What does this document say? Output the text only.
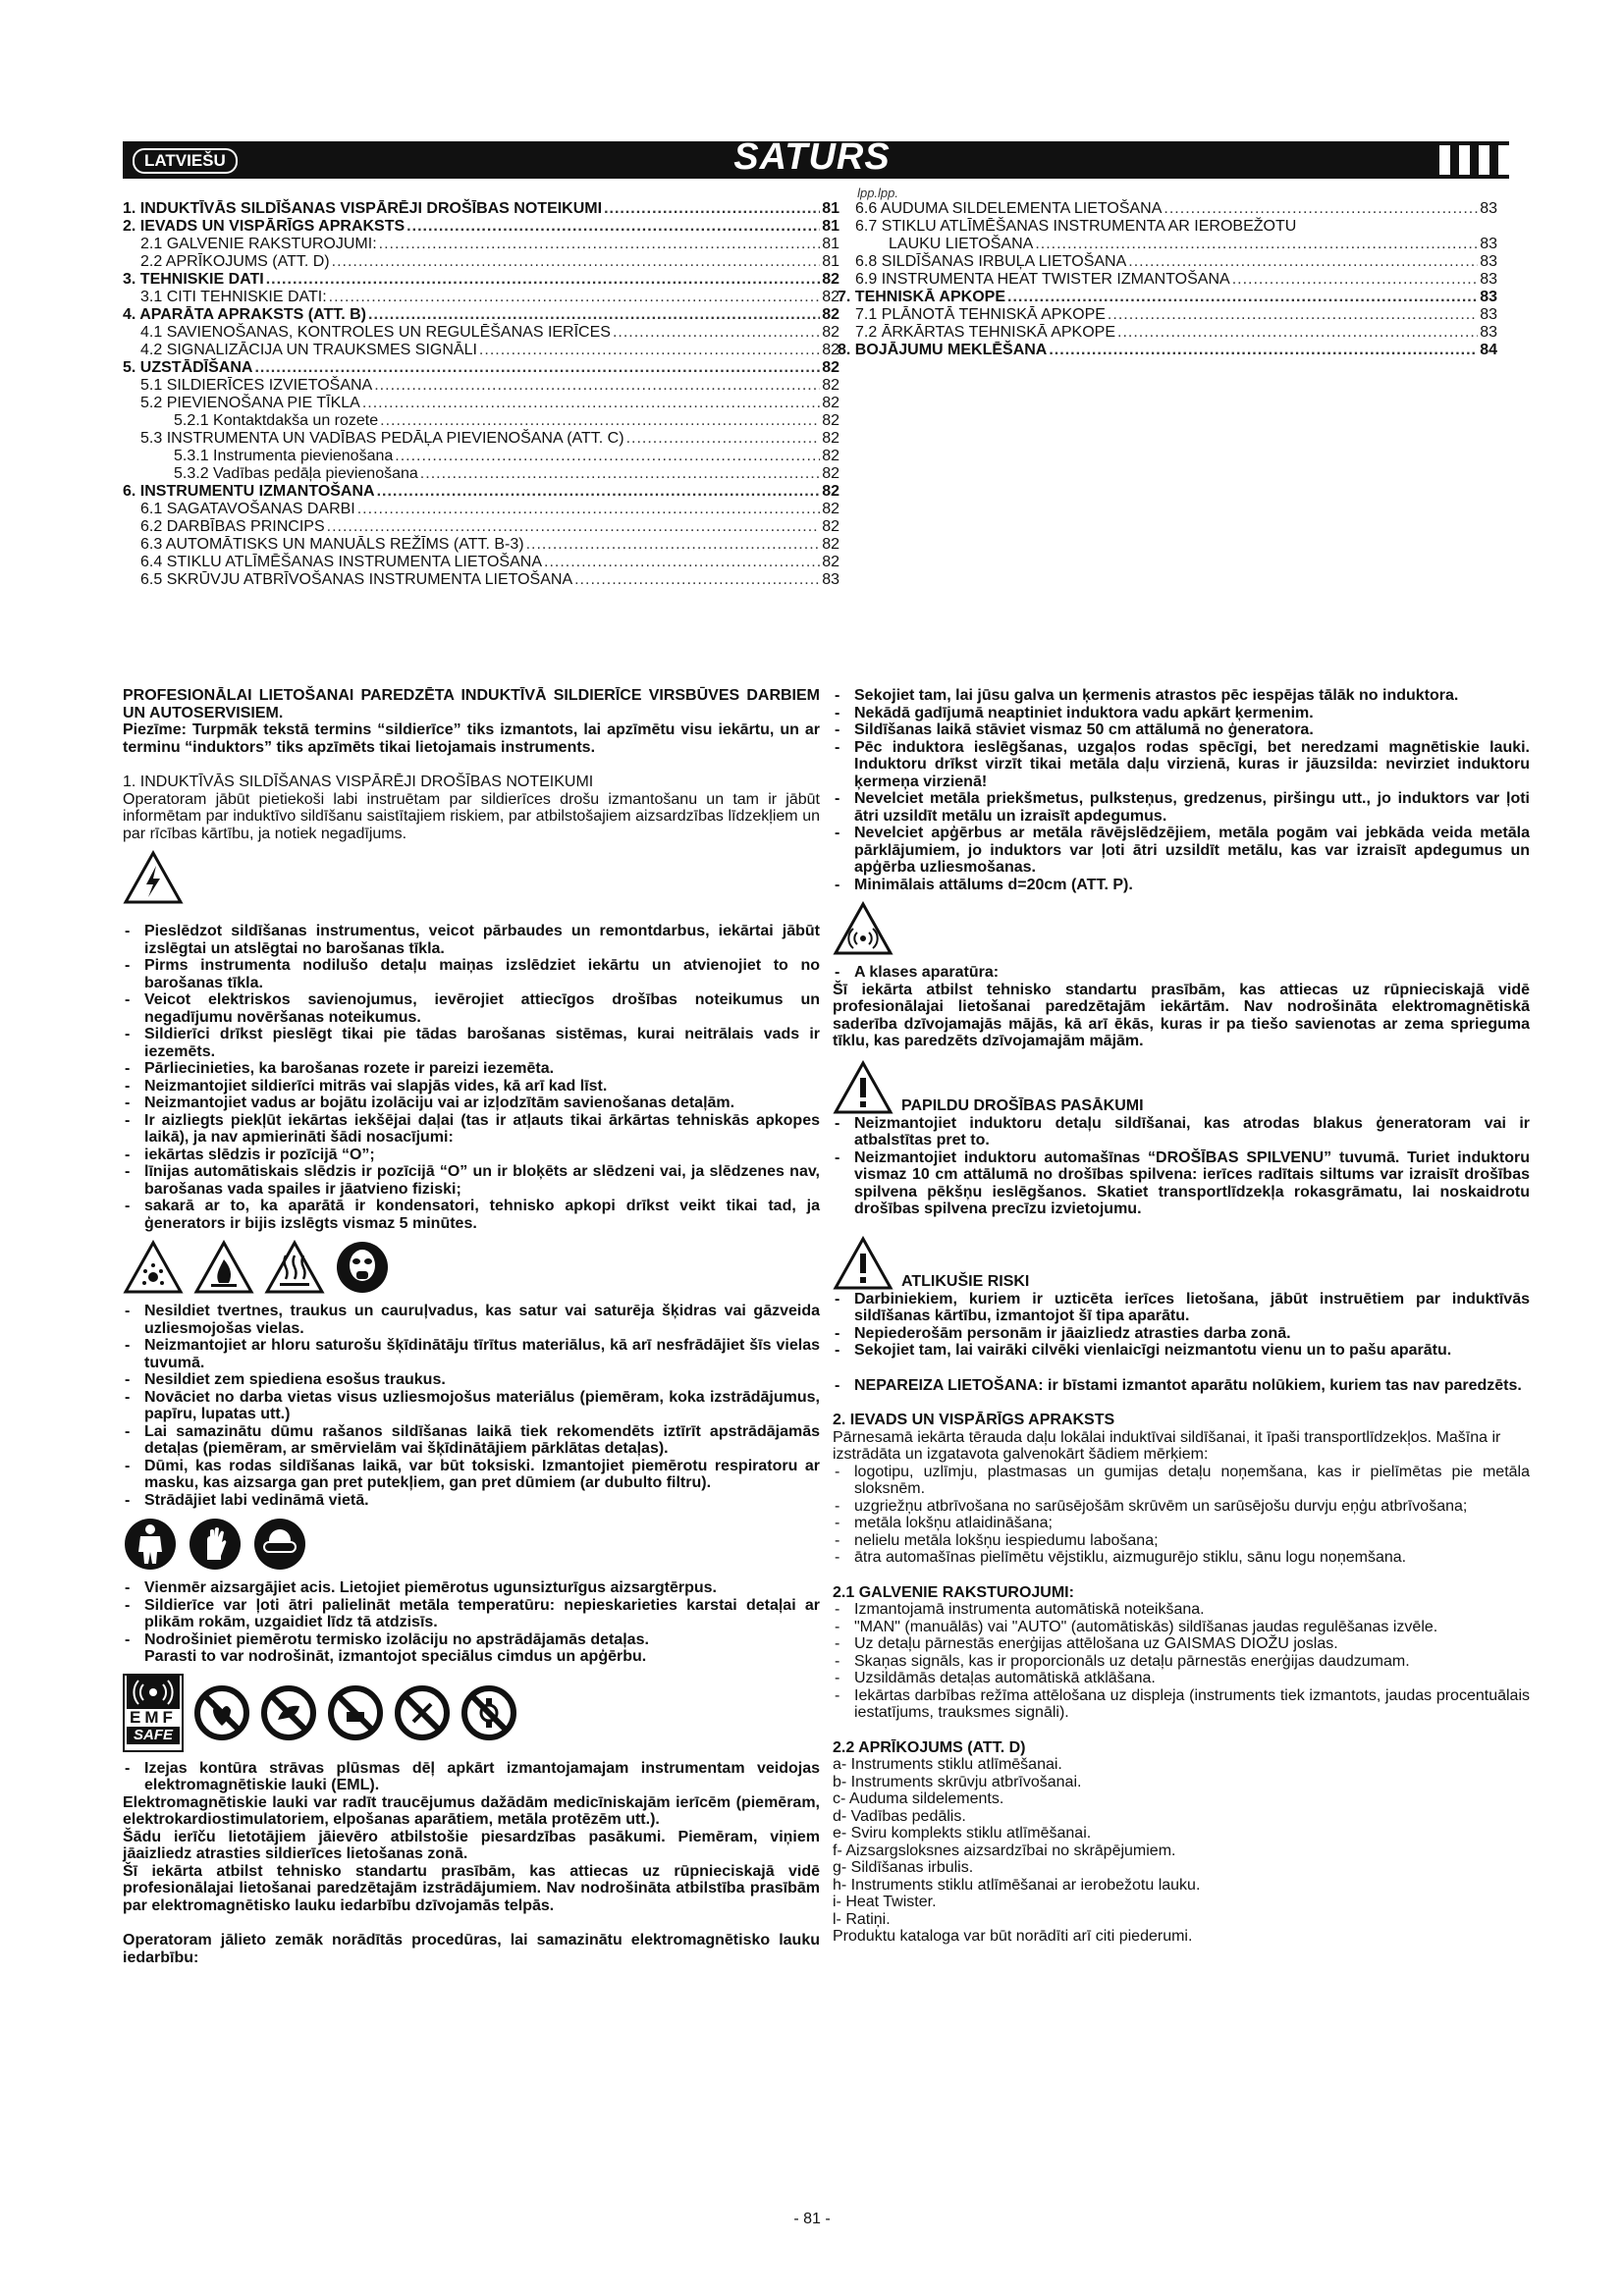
LATVIEŠU	SATURS
lpp.lpp.
1. INDUKTĪVĀS SILDĪŠANAS VISPĀRĒJI DROŠĪBAS NOTEIKUMI .....	81
2. IEVADS UN VISPĀRĪGS APRAKSTS .....	81
2.1 GALVENIE RAKSTUROJUMI: .....	81
2.2 APRĪKOJUMS (ATT. D) .....	81
3. TEHNISKIE DATI .....	82
3.1 CITI TEHNISKIE DATI: .....	82
4. APARĀTA APRAKSTS (ATT. B) .....	82
4.1 SAVIENOŠANAS, KONTROLES UN REGULĒŠANAS IERĪCES .....	82
4.2 SIGNALIZĀCIJA UN TRAUKSMES SIGNĀLI .....	82
5. UZSTĀDĪŠANA .....	82
5.1 SILDIERĪCES IZVIETOŠANA .....	82
5.2 PIEVIENOŠANA PIE TĪKLA .....	82
5.2.1 Kontaktdakša un rozete .....	82
5.3 INSTRUMENTA UN VADĪBAS PEDĀĻA PIEVIENOŠANA (ATT. C) .....	82
5.3.1 Instrumenta pievienošana .....	82
5.3.2 Vadības pedāļa pievienošana .....	82
6. INSTRUMENTU IZMANTOŠANA .....	82
6.1 SAGATAVOŠANAS DARBI .....	82
6.2 DARBĪBAS PRINCIPS .....	82
6.3 AUTOMĀTISKS UN MANUĀLS REŽĪMS (ATT. B-3) .....	82
6.4 STIKLU ATLĪMĒŠANAS INSTRUMENTA LIETOŠANA .....	82
6.5 SKRŪVJU ATBRĪVOŠANAS INSTRUMENTA LIETOŠANA .....	83
6.6 AUDUMA SILDELEMENTA LIETOŠANA .....	83
6.7 STIKLU ATLĪMĒŠANAS INSTRUMENTA AR IEROBEŽOTU
LAUKU LIETOŠANA .....	83
6.8 SILDĪŠANAS IRBUĻA LIETOŠANA .....	83
6.9 INSTRUMENTA HEAT TWISTER IZMANTOŠANA .....	83
7. TEHNISKĀ APKOPE .....	83
7.1 PLĀNOTĀ TEHNISKĀ APKOPE .....	83
7.2 ĀRKĀRTAS TEHNISKĀ APKOPE .....	83
8. BOJĀJUMU MEKLĒŠANA .....	84

PROFESIONĀLAI LIETOŠANAI PAREDZĒTA INDUKTĪVĀ SILDIERĪCE VIRSBŪVES DARBIEM UN AUTOSERVISIEM.

Piezīme: Turpmāk tekstā termins “sildierīce” tiks izmantots, lai apzīmētu visu iekārtu, un ar terminu “induktors” tiks apzīmēts tikai lietojamais instruments.

1. INDUKTĪVĀS SILDĪŠANAS VISPĀRĒJI DROŠĪBAS NOTEIKUMI

Operatoram jābūt pietiekoši labi instruētam par sildierīces drošu izmantošanu un tam ir jābūt informētam par induktīvo sildīšanu saistītajiem riskiem, par atbilstošajiem aizsardzības līdzekļiem un par rīcības kārtību, ja notiek negadījums.

- Pieslēdzot sildīšanas instrumentus, veicot pārbaudes un remontdarbus, iekārtai jābūt izslēgtai un atslēgtai no barošanas tīkla.
- Pirms instrumenta nodilušo detaļu maiņas izslēdziet iekārtu un atvienojiet to no barošanas tīkla.
- Veicot elektriskos savienojumus, ievērojiet attiecīgos drošības noteikumus un negadījumu novēršanas noteikumus.
- Sildierīci drīkst pieslēgt tikai pie tādas barošanas sistēmas, kurai neitrālais vads ir iezemēts.
- Pārliecinieties, ka barošanas rozete ir pareizi iezemēta.
- Neizmantojiet sildierīci mitrās vai slapjās vides, kā arī kad līst.
- Neizmantojiet vadus ar bojātu izolāciju vai ar izļodzītām savienošanas detaļām.
- Ir aizliegts piekļūt iekārtas iekšējai daļai (tas ir atļauts tikai ārkārtas tehniskās apkopes laikā), ja nav apmierināti šādi nosacījumi:
- iekārtas slēdzis ir pozīcijā “O”;
- līnijas automātiskais slēdzis ir pozīcijā “O” un ir bloķēts ar slēdzeni vai, ja slēdzenes nav, barošanas vada spailes ir jāatvieno fiziski;
- sakarā ar to, ka aparātā ir kondensatori, tehnisko apkopi drīkst veikt tikai tad, ja ģenerators ir bijis izslēgts vismaz 5 minūtes.
- Nesildiet tvertnes, traukus un cauruļvadus, kas satur vai saturēja šķidras vai gāzveida uzliesmojošas vielas.
- Neizmantojiet ar hloru saturošu šķīdinātāju tīrītus materiālus, kā arī nesfrādājiet šīs vielas tuvumā.
- Nesildiet zem spiediena esošus traukus.
- Novāciet no darba vietas visus uzliesmojošus materiālus (piemēram, koka izstrādājumus, papīru, lupatas utt.)
- Lai samazinātu dūmu rašanos sildīšanas laikā tiek rekomendēts iztīrīt apstrādājamās detaļas (piemēram, ar smērvielām vai šķīdinātājiem pārklātas detaļas).
- Dūmi, kas rodas sildīšanas laikā, var būt toksiski. Izmantojiet piemērotu respiratoru ar masku, kas aizsarga gan pret putekļiem, gan pret dūmiem (ar dubulto filtru).
- Strādājiet labi vedināmā vietā.
- Vienmēr aizsargājiet acis. Lietojiet piemērotus ugunsizturīgus aizsargtērpus.
- Sildierīce var ļoti ātri palielināt metāla temperatūru: nepieskarieties karstai detaļai ar plikām rokām, uzgaidiet līdz tā atdzisīs.
- Nodrošiniet piemērotu termisko izolāciju no apstrādājamās detaļas.

Parasti to var nodrošināt, izmantojot speciālus cimdus un apģērbu.

EMF
SAFE
- Izejas kontūra strāvas plūsmas dēļ apkārt izmantojamajam instrumentam veidojas elektromagnētiskie lauki (EML).

Elektromagnētiskie lauki var radīt traucējumus dažādām medicīniskajām ierīcēm (piemēram, elektrokardiostimulatoriem, elpošanas aparātiem, metāla protēzēm utt.).

Šādu ierīču lietotājiem jāievēro atbilstošie piesardzības pasākumi. Piemēram, viņiem jāaizliedz atrasties sildierīces lietošanas zonā.

Šī iekārta atbilst tehnisko standartu prasībām, kas attiecas uz rūpnieciskajā vidē profesionālajai lietošanai paredzētajām izstrādājumiem. Nav nodrošināta atbilstība prasībām par elektromagnētisko lauku iedarbību dzīvojamās telpās.

Operatoram jālieto zemāk norādītās procedūras, lai samazinātu elektromagnētisko lauku iedarbību:

- Sekojiet tam, lai jūsu galva un ķermenis atrastos pēc iespējas tālāk no induktora.
- Nekādā gadījumā neaptiniet induktora vadu apkārt ķermenim.
- Sildīšanas laikā stāviet vismaz 50 cm attālumā no ģeneratora.
- Pēc induktora ieslēgšanas, uzgaļos rodas spēcīgi, bet neredzami magnētiskie lauki. Induktoru drīkst virzīt tikai metāla daļu virzienā, kuras ir jāuzsilda: nevirziet induktoru ķermeņa virzienā!
- Nevelciet metāla priekšmetus, pulksteņus, gredzenus, piršingu utt., jo induktors var ļoti ātri uzsildīt metālu un izraisīt apdegumus.
- Nevelciet apģērbus ar metāla rāvējslēdzējiem, metāla pogām vai jebkāda veida metāla pārklājumiem, jo induktors var ļoti ātri uzsildīt metālu, kas var izraisīt apdegumus un apģērba uzliesmošanas.
- Minimālais attālums d=20cm (ATT. P).
- A klases aparatūra:

Šī iekārta atbilst tehnisko standartu prasībām, kas attiecas uz rūpnieciskajā vidē profesionālajai lietošanai paredzētajām iekārtām. Nav nodrošināta elektromagnētiskā saderība dzīvojamajās mājās, kā arī ēkās, kuras ir pa tiešo savienotas ar zema sprieguma tīklu, kas paredzēts dzīvojamajām mājām.

PAPILDU DROŠĪBAS PASĀKUMI
- Neizmantojiet induktoru detaļu sildīšanai, kas atrodas blakus ģeneratoram vai ir atbalstītas pret to.
- Neizmantojiet induktoru automašīnas “DROŠĪBAS SPILVENU” tuvumā. Turiet induktoru vismaz 10 cm attālumā no drošības spilvena: ierīces radītais siltums var izraisīt drošības spilvena pēkšņu ieslēgšanos. Skatiet transportlīdzekļa rokasgrāmatu, lai noskaidrotu drošības spilvena precīzu izvietojumu.
ATLIKUŠIE RISKI
- Darbiniekiem, kuriem ir uzticēta ierīces lietošana, jābūt instruētiem par induktīvās sildīšanas kārtību, izmantojot šī tipa aparātu.
- Nepiederošām personām ir jāaizliedz atrasties darba zonā.
- Sekojiet tam, lai vairāki cilvēki vienlaicīgi neizmantotu vienu un to pašu aparātu.
- NEPAREIZA LIETOŠANA: ir bīstami izmantot aparātu nolūkiem, kuriem tas nav paredzēts.

2. IEVADS UN VISPĀRĪGS APRAKSTS

Pārnesamā iekārta tērauda daļu lokālai induktīvai sildīšanai, it īpaši transportlīdzekļos. Mašīna ir izstrādāta un izgatavota galvenokārt šādiem mērķiem:

- logotipu, uzlīmju, plastmasas un gumijas detaļu noņemšana, kas ir pielīmētas pie metāla sloksnēm.
- uzgriežņu atbrīvošana no sarūsējošām skrūvēm un sarūsējošu durvju eņģu atbrīvošana;
- metāla lokšņu atlaidināšana;
- nelielu metāla lokšņu iespiedumu labošana;
- ātra automašīnas pielīmētu vējstiklu, aizmugurējo stiklu, sānu logu noņemšana.

2.1 GALVENIE RAKSTUROJUMI:

- Izmantojamā instrumenta automātiskā noteikšana.
- "MAN" (manuālās) vai "AUTO" (automātiskās) sildīšanas jaudas regulēšanas izvēle.
- Uz detaļu pārnestās enerģijas attēlošana uz GAISMAS DIOŽU joslas.
- Skaņas signāls, kas ir proporcionāls uz detaļu pārnestās enerģijas daudzumam.
- Uzsildāmās detaļas automātiskā atklāšana.
- Iekārtas darbības režīma attēlošana uz displeja (instruments tiek izmantots, jaudas procentuālais iestatījums, trauksmes signāli).

2.2 APRĪKOJUMS (ATT. D)

a- Instruments stiklu atlīmēšanai.

b- Instruments skrūvju atbrīvošanai.

c- Auduma sildelements.

d- Vadības pedālis.

e- Sviru komplekts stiklu atlīmēšanai.

f- Aizsargsloksnes aizsardzībai no skrāpējumiem.

g- Sildīšanas irbulis.

h- Instruments stiklu atlīmēšanai ar ierobežotu lauku.

i- Heat Twister.

l- Ratiņi.

Produktu kataloga var būt norādīti arī citi piederumi.

- 81 -
